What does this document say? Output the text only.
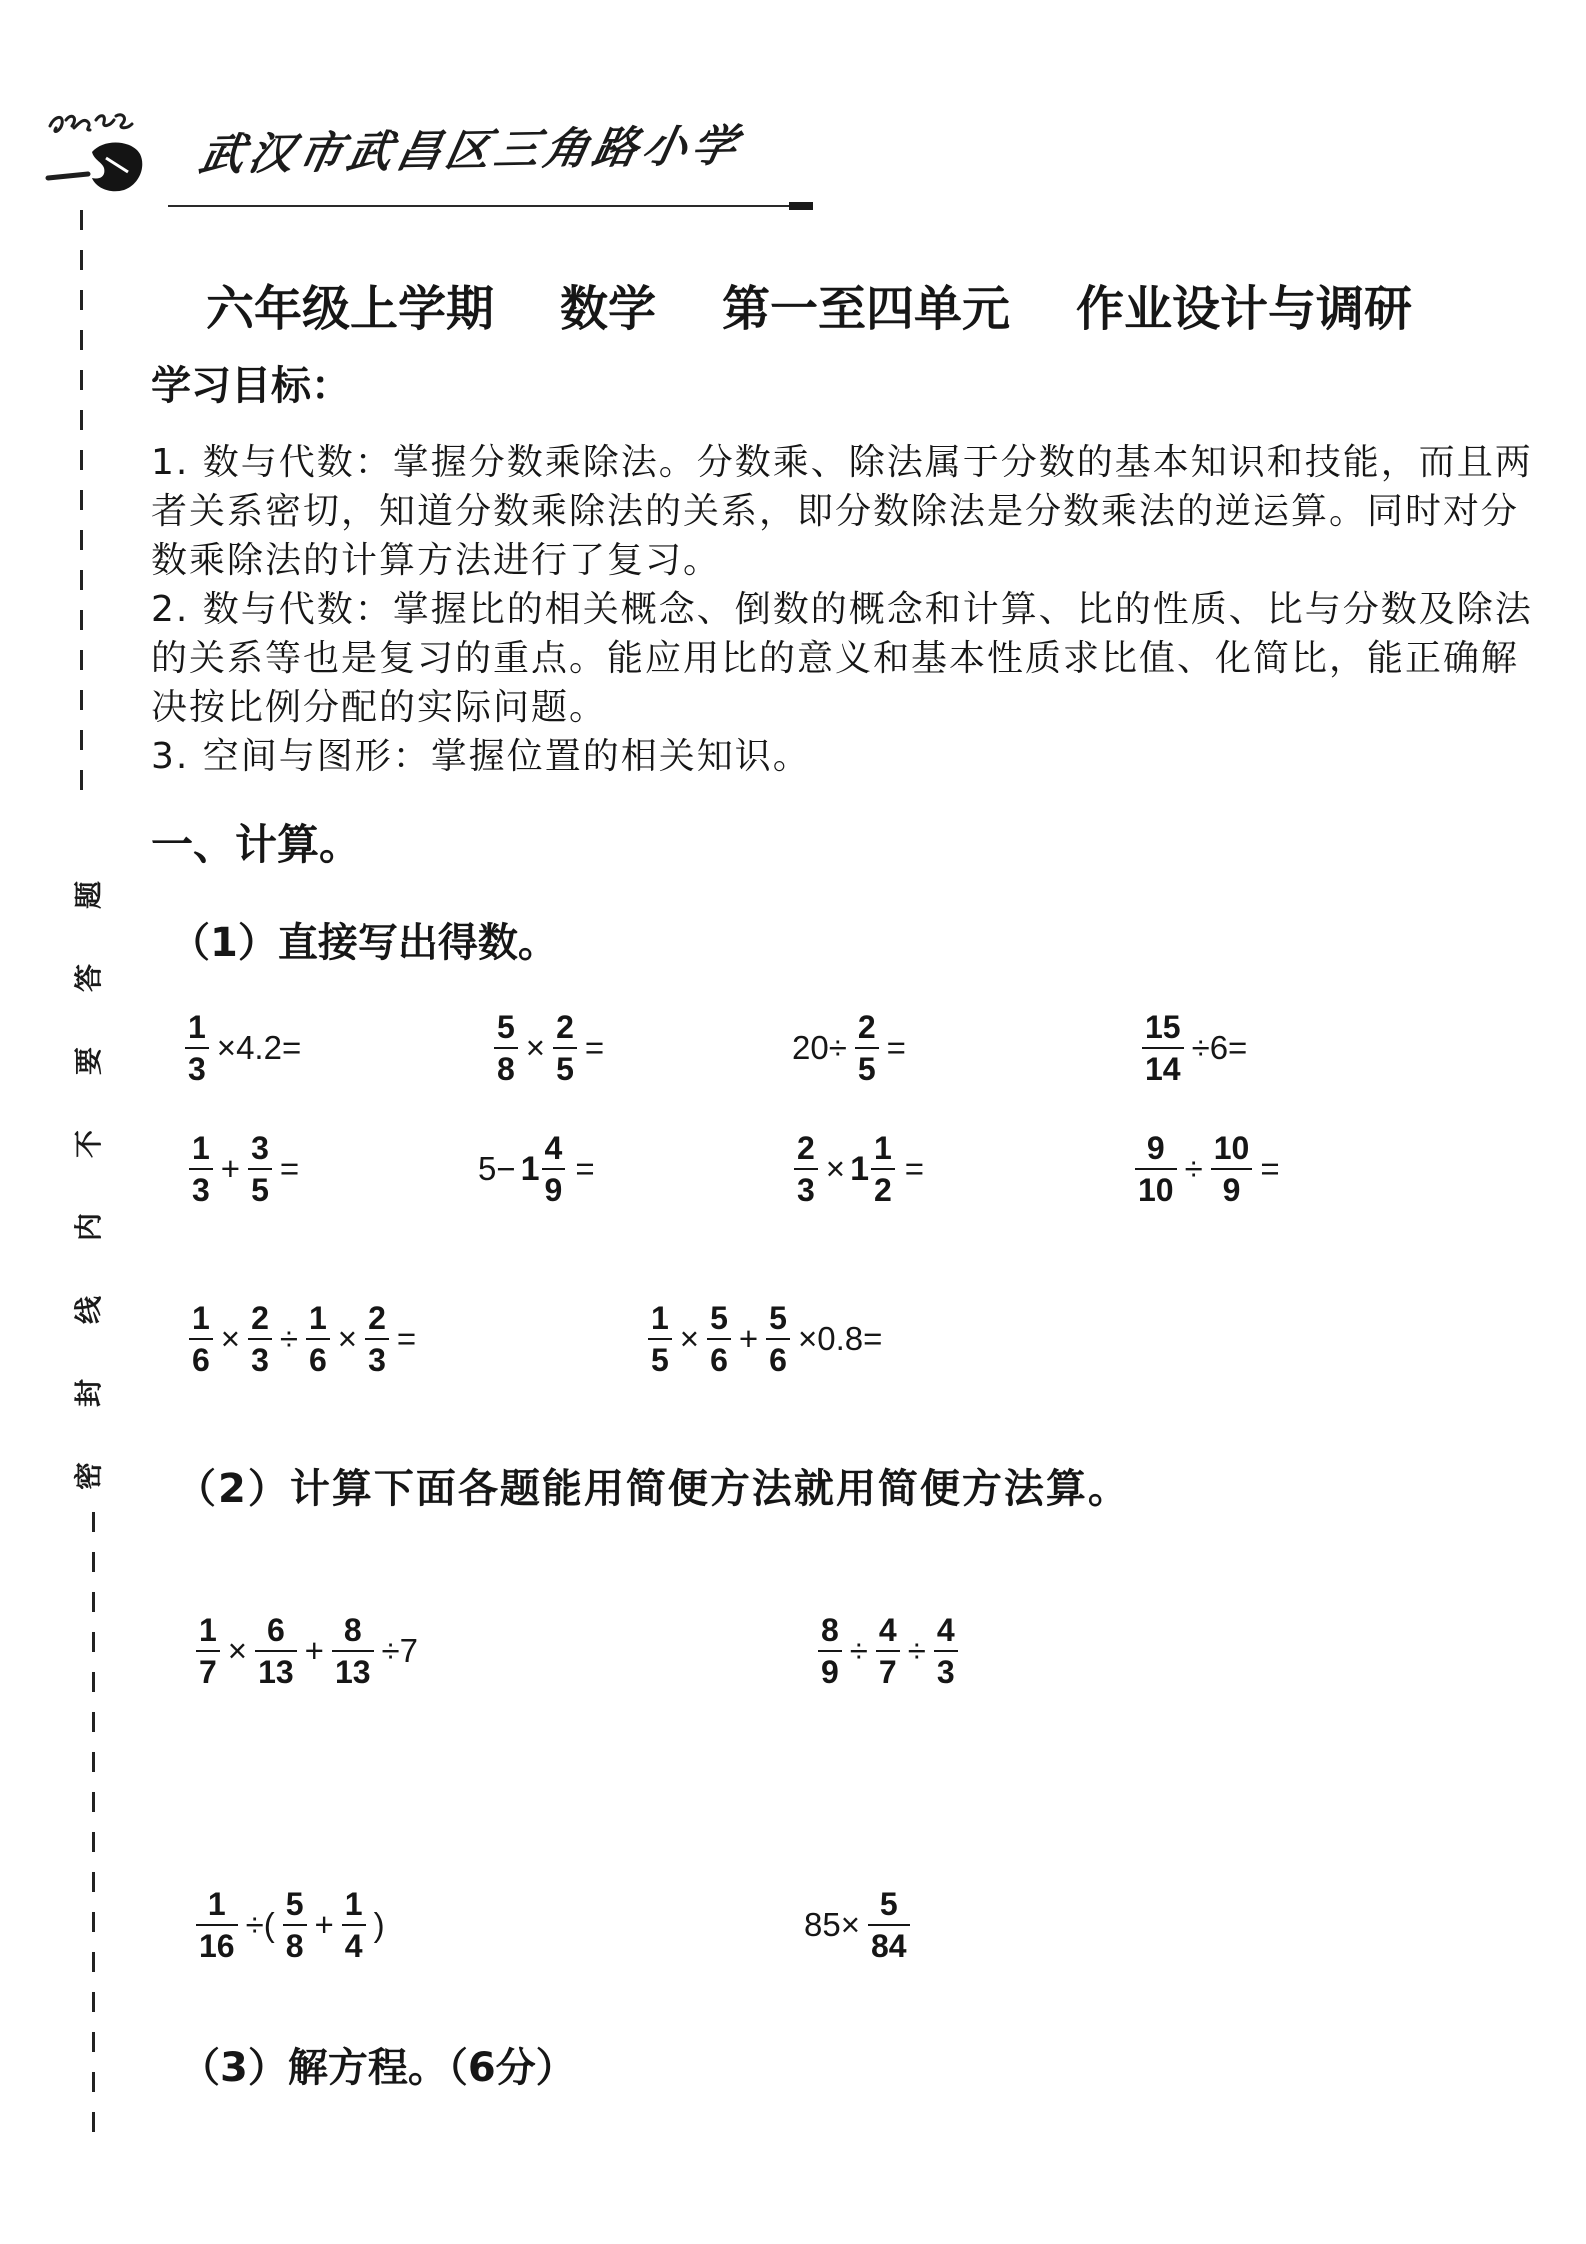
武汉市武昌区三角路小学
密封线内不要答题
六年级上学期 数学 第一至四单元 作业设计与调研
学习目标：
1. 数与代数：掌握分数乘除法。分数乘、除法属于分数的基本知识和技能，而且两
者关系密切，知道分数乘除法的关系，即分数除法是分数乘法的逆运算。同时对分
数乘除法的计算方法进行了复习。
2. 数与代数：掌握比的相关概念、倒数的概念和计算、比的性质、比与分数及除法
的关系等也是复习的重点。能应用比的意义和基本性质求比值、化简比，能正确解
决按比例分配的实际问题。
3. 空间与图形：掌握位置的相关知识。
一、计算。
（1）直接写出得数。
$\frac{1}{3} \times 4.2=$	$\frac{5}{8} \times \frac{2}{5}$ =	$20\div \frac{2}{5}$ =	$\frac{15}{14} \div 6=$
$\frac{1}{3} + \frac{3}{5}$ =	$5- 1 \frac{4}{9}$ =	$\frac{2}{3} \times 1 \frac{1}{2}$ =	$\frac{9}{10} \div \frac{10}{9}$ =
$\frac{1}{6} \times \frac{2}{3} \div \frac{1}{6} \times \frac{2}{3}$ =	$\frac{1}{5} \times \frac{5}{6} + \frac{5}{6} \times 0.8=$
（2）计算下面各题能用简便方法就用简便方法算。
$\frac{1}{7} \times \frac{6}{13} + \frac{8}{13} \div 7$	$\frac{8}{9} \div \frac{4}{7} \div \frac{4}{3}$
$\frac{1}{16}$ ÷( $\frac{5}{8} + \frac{1}{4}$ )	$85\times \frac{5}{84}$
（3）解方程。（6分）
